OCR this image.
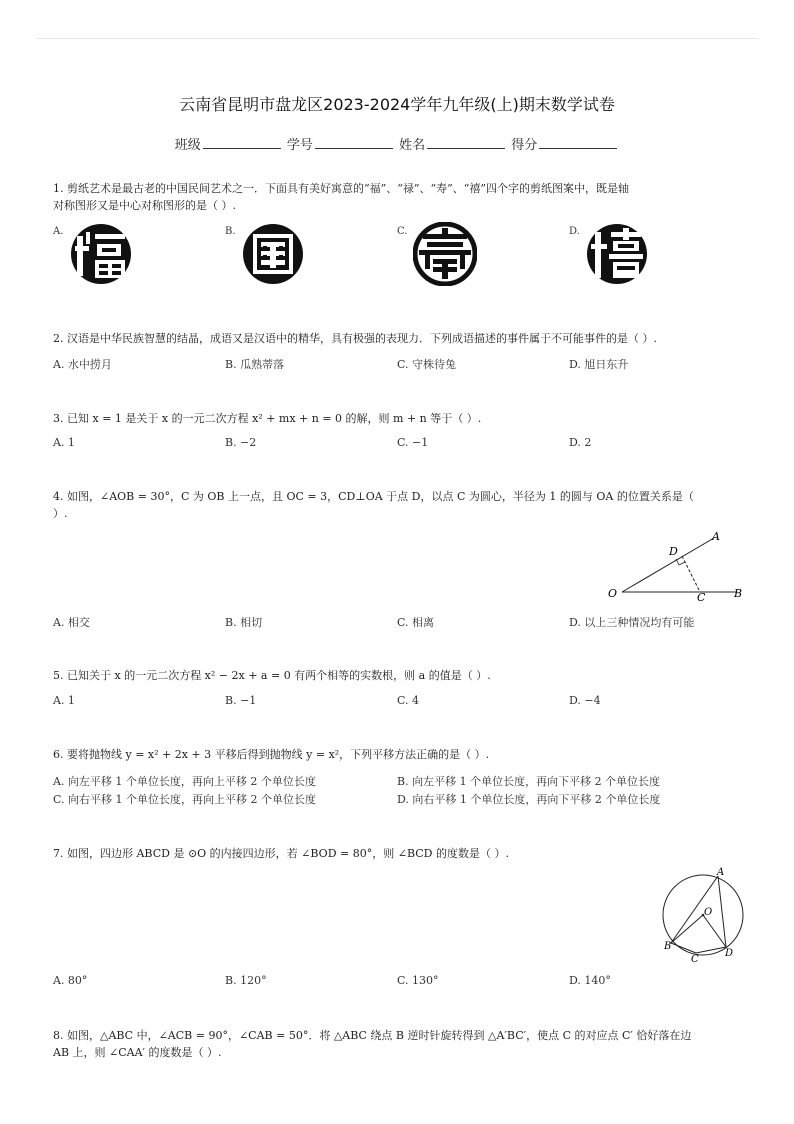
云南省昆明市盘龙区2023-2024学年九年级(上)期末数学试卷
班级	学号	姓名	得分
1. 剪纸艺术是最古老的中国民间艺术之一．下面具有美好寓意的“福”、“禄”、“寿”、“禧”四个字的剪纸图案中，既是轴
对称图形又是中心对称图形的是（ ）.
A.	B.	C.	D.
2. 汉语是中华民族智慧的结晶，成语又是汉语中的精华，具有极强的表现力．下列成语描述的事件属于不可能事件的是（ ）.
A. 水中捞月	B. 瓜熟蒂落	C. 守株待兔	D. 旭日东升
3. 已知 x = 1 是关于 x 的一元二次方程 x² + mx + n = 0 的解，则 m + n 等于（ ）.
A. 1	B. −2	C. −1	D. 2
4. 如图，∠AOB = 30°，C 为 OB 上一点，且 OC = 3，CD⊥OA 于点 D，以点 C 为圆心，半径为 1 的圆与 OA 的位置关系是（
）.
D
A
O	C	B
A. 相交	B. 相切	C. 相离	D. 以上三种情况均有可能
5. 已知关于 x 的一元二次方程 x² − 2x + a = 0 有两个相等的实数根，则 a 的值是（ ）.
A. 1	B. −1	C. 4	D. −4
6. 要将抛物线 y = x² + 2x + 3 平移后得到抛物线 y = x²，下列平移方法正确的是（ ）.
A. 向左平移 1 个单位长度，再向上平移 2 个单位长度	B. 向左平移 1 个单位长度，再向下平移 2 个单位长度
C. 向右平移 1 个单位长度，再向上平移 2 个单位长度	D. 向右平移 1 个单位长度，再向下平移 2 个单位长度
7. 如图，四边形 ABCD 是 ⊙O 的内接四边形，若 ∠BOD = 80°，则 ∠BCD 的度数是（ ）.
A
O
B
C
D
A. 80°	B. 120°	C. 130°	D. 140°
8. 如图，△ABC 中，∠ACB = 90°，∠CAB = 50°．将 △ABC 绕点 B 逆时针旋转得到 △A′BC′，使点 C 的对应点 C′ 恰好落在边
AB 上，则 ∠CAA′ 的度数是（ ）.
